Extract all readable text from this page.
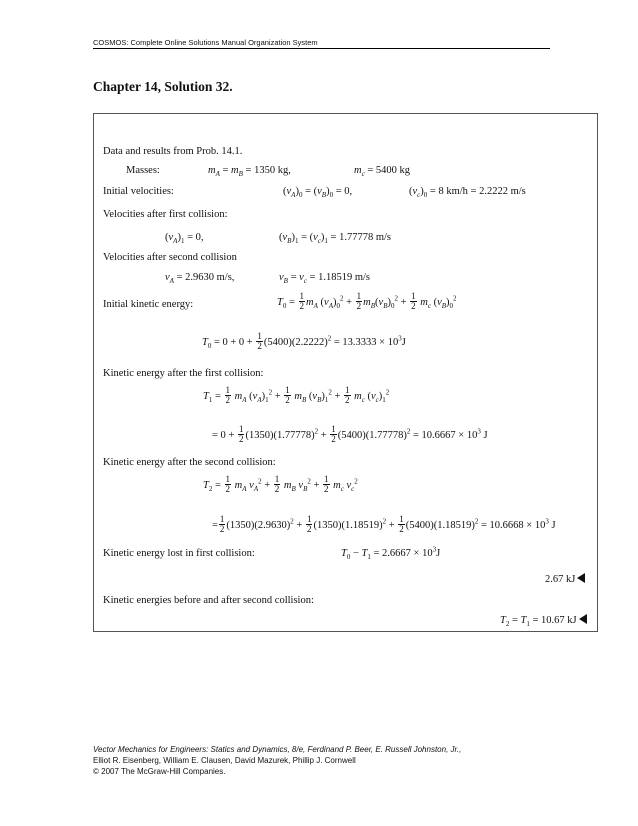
COSMOS: Complete Online Solutions Manual Organization System
Chapter 14, Solution 32.
Data and results from Prob. 14.1.
Masses:	$m_A = m_B = 1350$ kg,	$m_c = 5400$ kg
Initial velocities:	$(v_A)_0 = (v_B)_0 = 0$,	$(v_c)_0 = 8$ km/h = 2.2222 m/s
Velocities after first collision:
$(v_A)_1 = 0$,	$(v_B)_1 = (v_c)_1 = 1.77778$ m/s
Velocities after second collision
$v_A = 2.9630$ m/s,	$v_B = v_c = 1.18519$ m/s
Initial kinetic energy:	$T_0 = \frac{1}{2} m_A$ $(v_A)_0^2 + \frac{1}{2} m_B(v_B)_0^2 + \frac{1}{2} m_c$ $(v_B)_0^2$
$T_0 = 0 + 0 + \frac{1}{2} (5400)(2.2222)^2 = 13.3333 \times 10^3J$
Kinetic energy after the first collision:
$T_1 = \frac{1}{2} m_A$ $(v_A)_1^2 + \frac{1}{2} m_B$ $(v_B)_1^2 + \frac{1}{2} m_c$ $(v_c)_1^2$
= $0 + \frac{1}{2} (1350)(1.77778)^2 + \frac{1}{2} (5400)(1.77778)^2 = 10.6667 \times 10^3$ J
Kinetic energy after the second collision:
$T_2 = \frac{1}{2} m_A$ $v_A^2 + \frac{1}{2} m_B$ $v_B^2 + \frac{1}{2} m_c$ $v_c^2$
= $\frac{1}{2} (1350)(2.9630)^2 + \frac{1}{2} (1350)(1.18519)^2 + \frac{1}{2} (5400)(1.18519)^2 = 10.6668 \times 10^3$ J
Kinetic energy lost in first collision:	$T_0 - T_1 = 2.6667 \times 10^3J$
2.67 kJ
Kinetic energies before and after second collision:
$T_2 = T_1 = 10.67$ kJ
Vector Mechanics for Engineers: Statics and Dynamics, 8/e, Ferdinand P. Beer, E. Russell Johnston, Jr.,
Elliot R. Eisenberg, William E. Clausen, David Mazurek, Phillip J. Cornwell
© 2007 The McGraw-Hill Companies.
